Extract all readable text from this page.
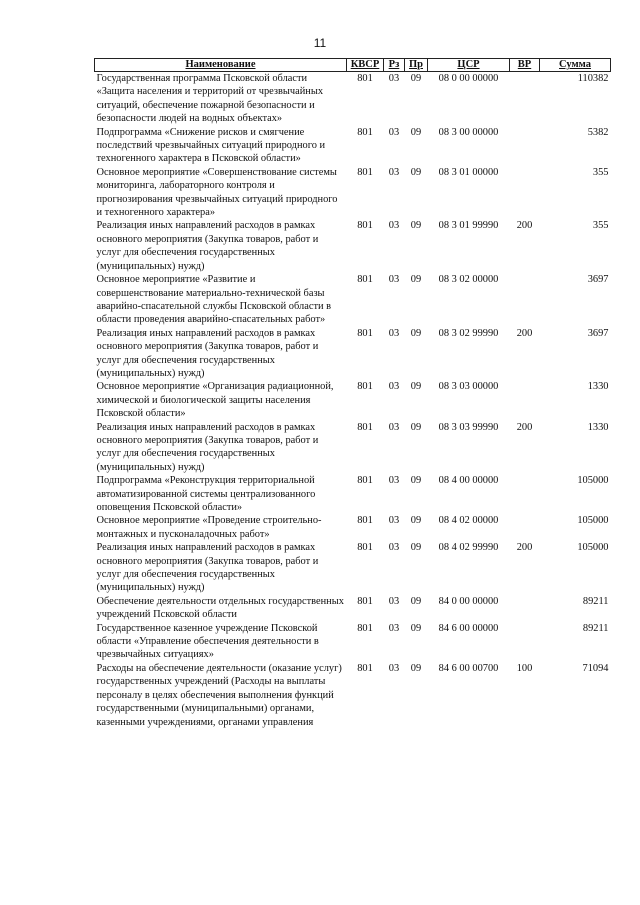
11
Наименование	КВСР	Рз	Пр	ЦСР	ВР	Сумма
Государственная программа Псковской области «Защита населения и территорий от чрезвычайных ситуаций, обеспечение пожарной безопасности и безопасности людей на водных объектах»	801	03	09	08 0 00 00000		110382
Подпрограмма «Снижение рисков и смягчение последствий чрезвычайных ситуаций природного и техногенного характера в Псковской области»	801	03	09	08 3 00 00000		5382
Основное мероприятие «Совершенствование системы мониторинга, лабораторного контроля и прогнозирования чрезвычайных ситуаций природного и техногенного характера»	801	03	09	08 3 01 00000		355
Реализация иных направлений расходов в рамках основного мероприятия (Закупка товаров, работ и услуг для обеспечения государственных (муниципальных) нужд)	801	03	09	08 3 01 99990	200	355
Основное мероприятие «Развитие и совершенствование материально-технической базы аварийно-спасательной службы Псковской области в области проведения аварийно-спасательных работ»	801	03	09	08 3 02 00000		3697
Реализация иных направлений расходов в рамках основного мероприятия (Закупка товаров, работ и услуг для обеспечения государственных (муниципальных) нужд)	801	03	09	08 3 02 99990	200	3697
Основное мероприятие «Организация радиационной, химической и биологической защиты населения Псковской области»	801	03	09	08 3 03 00000		1330
Реализация иных направлений расходов в рамках основного мероприятия (Закупка товаров, работ и услуг для обеспечения государственных (муниципальных) нужд)	801	03	09	08 3 03 99990	200	1330
Подпрограмма «Реконструкция территориальной автоматизированной системы централизованного оповещения Псковской области»	801	03	09	08 4 00 00000		105000
Основное мероприятие «Проведение строительно-монтажных и пусконаладочных работ»	801	03	09	08 4 02 00000		105000
Реализация иных направлений расходов в рамках основного мероприятия (Закупка товаров, работ и услуг для обеспечения государственных (муниципальных) нужд)	801	03	09	08 4 02 99990	200	105000
Обеспечение деятельности отдельных государственных учреждений Псковской области	801	03	09	84 0 00 00000		89211
Государственное казенное учреждение Псковской области «Управление обеспечения деятельности в чрезвычайных ситуациях»	801	03	09	84 6 00 00000		89211
Расходы на обеспечение деятельности (оказание услуг) государственных учреждений (Расходы на выплаты персоналу в целях обеспечения выполнения функций государственными (муниципальными) органами, казенными учреждениями, органами управления	801	03	09	84 6 00 00700	100	71094
